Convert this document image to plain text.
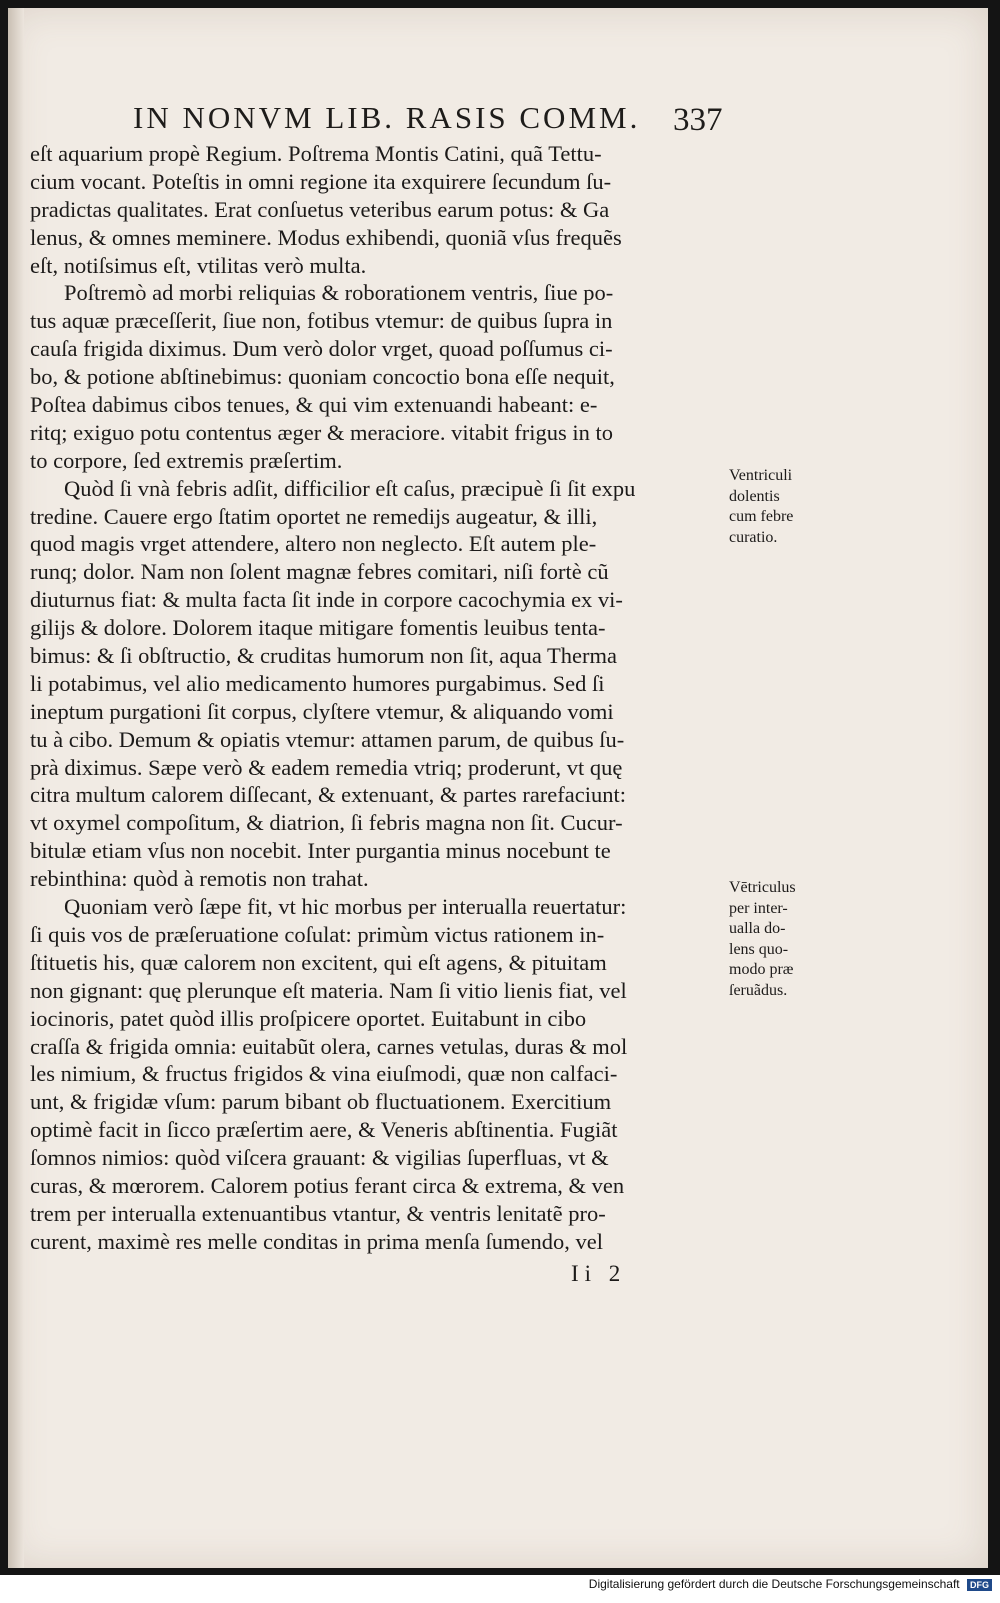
IN NONVM LIB. RASIS COMM. 337
eſt aquarium propè Regium. Poſtrema Montis Catini, quã Tettu-
cium vocant. Poteſtis in omni regione ita exquirere ſecundum ſu-
pradictas qualitates. Erat conſuetus veteribus earum potus: & Ga
lenus, & omnes meminere. Modus exhibendi, quoniã vſus frequẽs
eſt, notiſsimus eſt, vtilitas verò multa.
Poſtremò ad morbi reliquias & roborationem ventris, ſiue po-
tus aquæ præceſſerit, ſiue non, fotibus vtemur: de quibus ſupra in
cauſa frigida diximus. Dum verò dolor vrget, quoad poſſumus ci-
bo, & potione abſtinebimus: quoniam concoctio bona eſſe nequit,
Poſtea dabimus cibos tenues, & qui vim extenuandi habeant: e-
ritq; exiguo potu contentus æger & meraciore. vitabit frigus in to
to corpore, ſed extremis præſertim.
Quòd ſi vnà febris adſit, difficilior eſt caſus, præcipuè ſi ſit expu
tredine. Cauere ergo ſtatim oportet ne remedijs augeatur, & illi,
quod magis vrget attendere, altero non neglecto. Eſt autem ple-
runq; dolor. Nam non ſolent magnæ febres comitari, niſi fortè cũ
diuturnus fiat: & multa facta ſit inde in corpore cacochymia ex vi-
gilijs & dolore. Dolorem itaque mitigare fomentis leuibus tenta-
bimus: & ſi obſtructio, & cruditas humorum non ſit, aqua Therma
li potabimus, vel alio medicamento humores purgabimus. Sed ſi
ineptum purgationi ſit corpus, clyſtere vtemur, & aliquando vomi
tu à cibo. Demum & opiatis vtemur: attamen parum, de quibus ſu-
prà diximus. Sæpe verò & eadem remedia vtriq; proderunt, vt quę
citra multum calorem diſſecant, & extenuant, & partes rarefaciunt:
vt oxymel compoſitum, & diatrion, ſi febris magna non ſit. Cucur-
bitulæ etiam vſus non nocebit. Inter purgantia minus nocebunt te
rebinthina: quòd à remotis non trahat.
Quoniam verò ſæpe fit, vt hic morbus per interualla reuertatur:
ſi quis vos de præſeruatione coſulat: primùm victus rationem in-
ſtituetis his, quæ calorem non excitent, qui eſt agens, & pituitam
non gignant: quę plerunque eſt materia. Nam ſi vitio lienis fiat, vel
iocinoris, patet quòd illis proſpicere oportet. Euitabunt in cibo
craſſa & frigida omnia: euitabũt olera, carnes vetulas, duras & mol
les nimium, & fructus frigidos & vina eiuſmodi, quæ non calfaci-
unt, & frigidæ vſum: parum bibant ob fluctuationem. Exercitium
optimè facit in ſicco præſertim aere, & Veneris abſtinentia. Fugiãt
ſomnos nimios: quòd viſcera grauant: & vigilias ſuperfluas, vt &
curas, & mœrorem. Calorem potius ferant circa & extrema, & ven
trem per interualla extenuantibus vtantur, & ventris lenitatẽ pro-
curent, maximè res melle conditas in prima menſa ſumendo, vel
Ventriculi
dolentis
cum febre
curatio.
Vētriculus
per inter-
ualla do-
lens quo-
modo præ
ſeruãdus.
Ii 2
Digitalisierung gefördert durch die Deutsche Forschungsgemeinschaft DFG
